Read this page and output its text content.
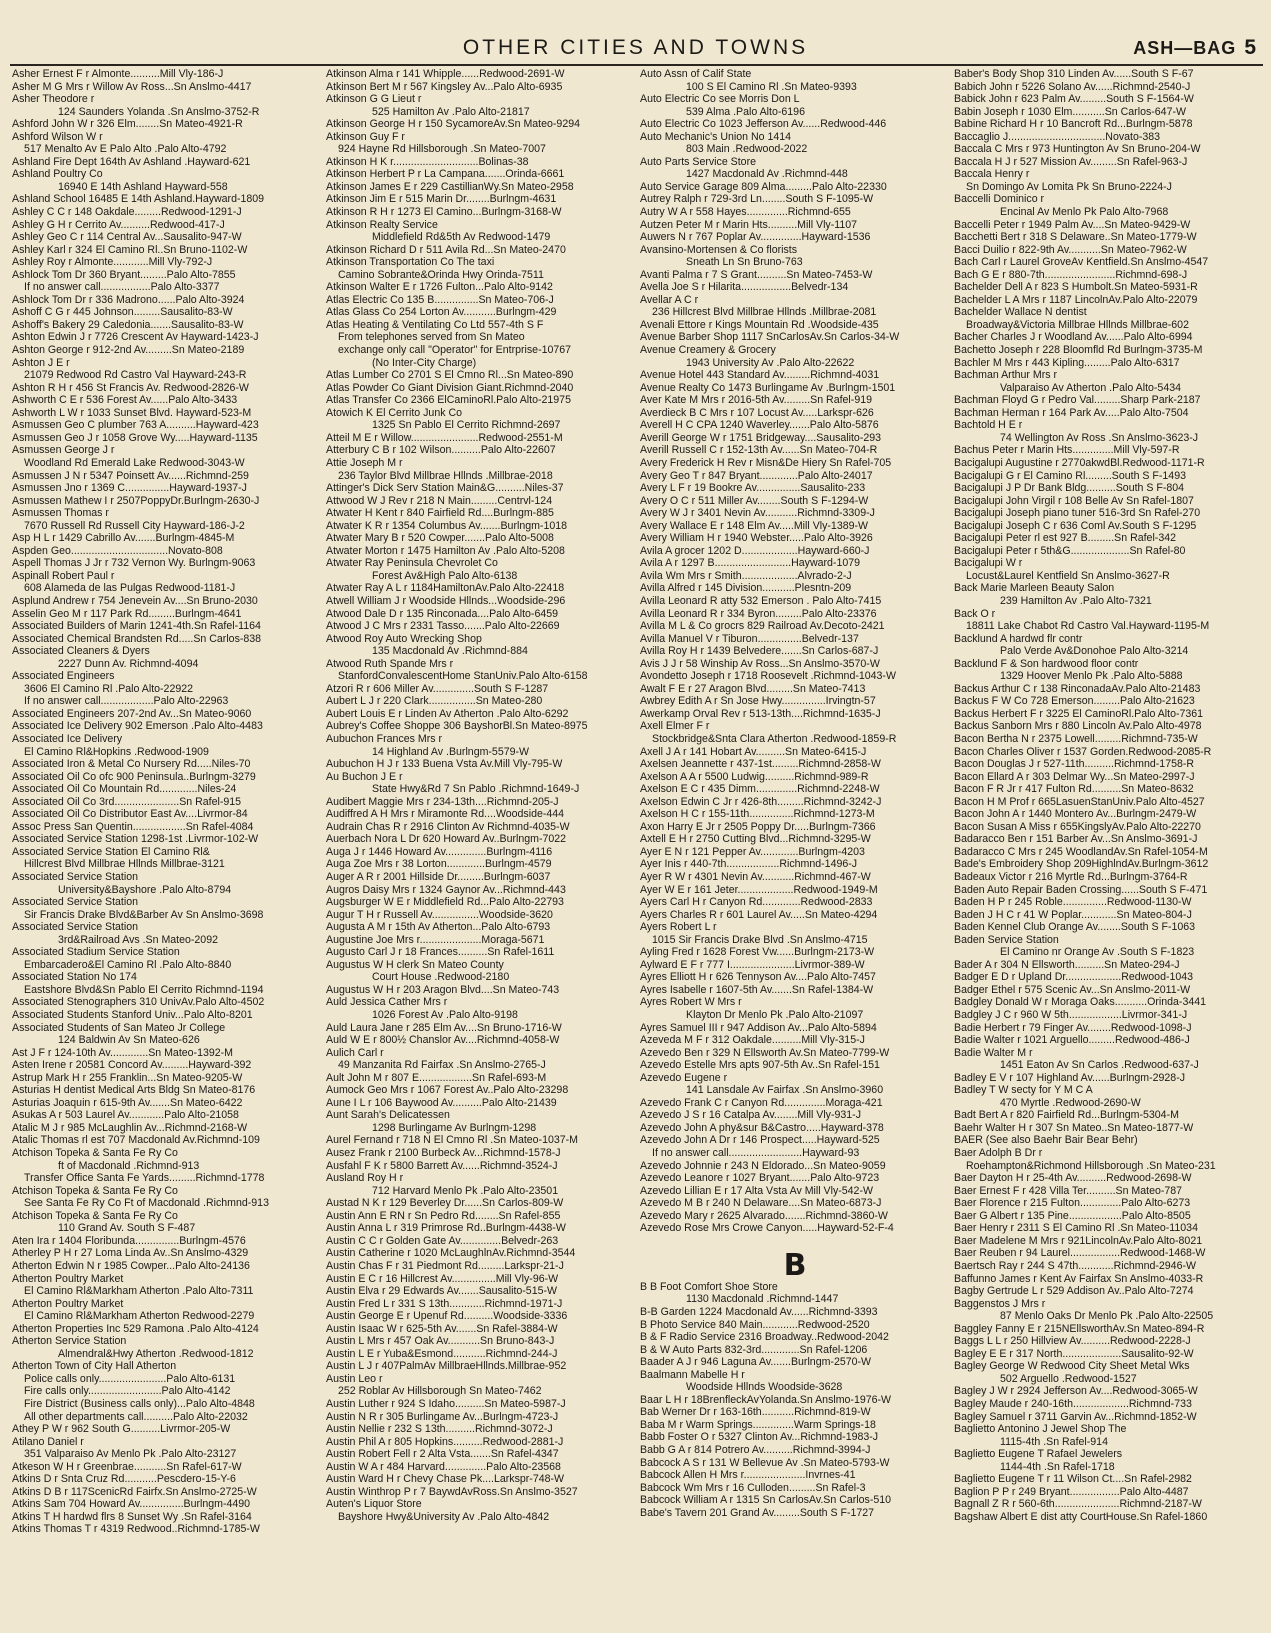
OTHER CITIES AND TOWNS	ASH—BAG 5
Asher Ernest F r Almonte..........Mill Vly-186-J
Asher M G Mrs r Willow Av Ross...Sn Anslmo-4417
Asher Theodore r
124 Saunders Yolanda .Sn Anslmo-3752-R
Ashford John W r 326 Elm........Sn Mateo-4921-R
Ashford Wilson W r
517 Menalto Av E Palo Alto .Palo Alto-4792
Ashland Fire Dept 164th Av Ashland .Hayward-621
Ashland Poultry Co
16940 E 14th Ashland Hayward-558
Ashland School 16485 E 14th Ashland.Hayward-1809
Ashley C C r 148 Oakdale.........Redwood-1291-J
Ashley G H r Cerrito Av..........Redwood-417-J
Ashley Geo C r 114 Central Av...Sausalito-947-W
Ashley Karl r 324 El Camino Rl..Sn Bruno-1102-W
Ashley Roy r Almonte............Mill Vly-792-J
Ashlock Tom Dr 360 Bryant.........Palo Alto-7855
If no answer call.................Palo Alto-3377
Ashlock Tom Dr r 336 Madrono......Palo Alto-3924
Ashoff C G r 445 Johnson.........Sausalito-83-W
Ashoff's Bakery 29 Caledonia.......Sausalito-83-W
Ashton Edwin J r 7726 Crescent Av Hayward-1423-J
Ashton George r 912-2nd Av.........Sn Mateo-2189
Ashton J E r
21079 Redwood Rd Castro Val Hayward-243-R
Ashton R H r 456 St Francis Av. Redwood-2826-W
Ashworth C E r 536 Forest Av......Palo Alto-3433
Ashworth L W r 1033 Sunset Blvd. Hayward-523-M
Asmussen Geo C plumber 763 A..........Hayward-423
Asmussen Geo J r 1058 Grove Wy.....Hayward-1135
Asmussen George J r
Woodland Rd Emerald Lake Redwood-3043-W
Asmussen J N r 5347 Poinsett Av......Richmnd-259
Asmussen Jno r 1369 C...............Hayward-1937-J
Asmussen Mathew I r 2507PoppyDr.Burlngm-2630-J
Asmussen Thomas r
7670 Russell Rd Russell City Hayward-186-J-2
Asp H L r 1429 Cabrillo Av.......Burlngm-4845-M
Aspden Geo.................................Novato-808
Aspell Thomas J Jr r 732 Vernon Wy. Burlngm-9063
Aspinall Robert Paul r
608 Alameda de las Pulgas Redwood-1181-J
Asplund Andrew r 754 Jenevein Av....Sn Bruno-2030
Asselin Geo M r 117 Park Rd.........Burlngm-4641
Associated Builders of Marin 1241-4th.Sn Rafel-1164
Associated Chemical Brandsten Rd.....Sn Carlos-838
Associated Cleaners & Dyers
2227 Dunn Av. Richmnd-4094
Associated Engineers
3606 El Camino Rl .Palo Alto-22922
If no answer call..................Palo Alto-22963
Associated Engineers 207-2nd Av...Sn Mateo-9060
Associated Ice Delivery 902 Emerson .Palo Alto-4483
Associated Ice Delivery
El Camino Rl&Hopkins .Redwood-1909
Associated Iron & Metal Co Nursery Rd.....Niles-70
Associated Oil Co ofc 900 Peninsula..Burlngm-3279
Associated Oil Co Mountain Rd.............Niles-24
Associated Oil Co 3rd......................Sn Rafel-915
Associated Oil Co Distributor East Av....Livrmor-84
Assoc Press San Quentin..................Sn Rafel-4084
Associated Service Station 1298-1st .Livrmor-102-W
Associated Service Station El Camino Rl&
Hillcrest Blvd Millbrae Hllnds Millbrae-3121
Associated Service Station
University&Bayshore .Palo Alto-8794
Associated Service Station
Sir Francis Drake Blvd&Barber Av Sn Anslmo-3698
Associated Service Station
3rd&Railroad Avs .Sn Mateo-2092
Associated Stadium Service Station
Embarcadero&El Camino Rl .Palo Alto-8840
Associated Station No 174
Eastshore Blvd&Sn Pablo El Cerrito Richmnd-1194
Associated Stenographers 310 UnivAv.Palo Alto-4502
Associated Students Stanford Univ...Palo Alto-8201
Associated Students of San Mateo Jr College
124 Baldwin Av Sn Mateo-626
Ast J F r 124-10th Av.............Sn Mateo-1392-M
Asten Irene r 20581 Concord Av.........Hayward-392
Astrup Mark H r 255 Franklin...Sn Mateo-9205-W
Asturias H dentist Medical Arts Bldg Sn Mateo-8176
Asturias Joaquin r 615-9th Av.......Sn Mateo-6422
Asukas A r 503 Laurel Av............Palo Alto-21058
Atalic M J r 985 McLaughlin Av...Richmnd-2168-W
Atalic Thomas rl est 707 Macdonald Av.Richmnd-109
Atchison Topeka & Santa Fe Ry Co
ft of Macdonald .Richmnd-913
Transfer Office Santa Fe Yards.........Richmnd-1778
Atchison Topeka & Santa Fe Ry Co
See Santa Fe Ry Co Ft of Macdonald .Richmnd-913
Atchison Topeka & Santa Fe Ry Co
110 Grand Av. South S F-487
Aten Ira r 1404 Floribunda...............Burlngm-4576
Atherley P H r 27 Loma Linda Av..Sn Anslmo-4329
Atherton Edwin N r 1985 Cowper...Palo Alto-24136
Atherton Poultry Market
El Camino Rl&Markham Atherton .Palo Alto-7311
Atherton Poultry Market
El Camino Rl&Markham Atherton Redwood-2279
Atherton Properties Inc 529 Ramona .Palo Alto-4124
Atherton Service Station
Almendral&Hwy Atherton .Redwood-1812
Atherton Town of City Hall Atherton
Police calls only.......................Palo Alto-6131
Fire calls only.........................Palo Alto-4142
Fire District (Business calls only)...Palo Alto-4848
All other departments call..........Palo Alto-22032
Athey P W r 962 South G..........Livrmor-205-W
Atilano Daniel r
351 Valparaiso Av Menlo Pk .Palo Alto-23127
Atkeson W H r Greenbrae...........Sn Rafel-617-W
Atkins D r Snta Cruz Rd...........Pescdero-15-Y-6
Atkins D B r 117ScenicRd Fairfx.Sn Anslmo-2725-W
Atkins Sam 704 Howard Av...............Burlngm-4490
Atkins T H hardwd flrs 8 Sunset Wy .Sn Rafel-3164
Atkins Thomas T r 4319 Redwood..Richmnd-1785-W
Atkinson Alma r 141 Whipple......Redwood-2691-W
Atkinson Bert M r 567 Kingsley Av...Palo Alto-6935
Atkinson G G Lieut r
525 Hamilton Av .Palo Alto-21817
Atkinson George H r 150 SycamoreAv.Sn Mateo-9294
Atkinson Guy F r
924 Hayne Rd Hillsborough .Sn Mateo-7007
Atkinson H K r.............................Bolinas-38
Atkinson Herbert P r La Campana.......Orinda-6661
Atkinson James E r 229 CastillianWy.Sn Mateo-2958
Atkinson Jim E r 515 Marin Dr........Burlngm-4631
Atkinson R H r 1273 El Camino...Burlngm-3168-W
Atkinson Realty Service
Middlefield Rd&5th Av Redwood-1479
Atkinson Richard D r 511 Avila Rd...Sn Mateo-2470
Atkinson Transportation Co The taxi
Camino Sobrante&Orinda Hwy Orinda-7511
Atkinson Walter E r 1726 Fulton...Palo Alto-9142
Atlas Electric Co 135 B...............Sn Mateo-706-J
Atlas Glass Co 254 Lorton Av...........Burlngm-429
Atlas Heating & Ventilating Co Ltd 557-4th S F
From telephones served from Sn Mateo
exchange only call "Operator" for Entrprise-10767
(No Inter-City Charge)
Atlas Lumber Co 2701 S El Cmno Rl...Sn Mateo-890
Atlas Powder Co Giant Division Giant.Richmnd-2040
Atlas Transfer Co 2366 ElCaminoRl.Palo Alto-21975
Atowich K El Cerrito Junk Co
1325 Sn Pablo El Cerrito Richmnd-2697
Atteil M E r Willow.......................Redwood-2551-M
Atterbury C B r 102 Wilson..........Palo Alto-22607
Attie Joseph M r
236 Taylor Blvd Millbrae Hllnds .Millbrae-2018
Attinger's Dick Serv Station Main&G..........Niles-37
Attwood W J Rev r 218 N Main.........Centrvl-124
Atwater H Kent r 840 Fairfield Rd....Burlngm-885
Atwater K R r 1354 Columbus Av.......Burlngm-1018
Atwater Mary B r 520 Cowper.......Palo Alto-5008
Atwater Morton r 1475 Hamilton Av .Palo Alto-5208
Atwater Ray Peninsula Chevrolet Co
Forest Av&High Palo Alto-6138
Atwater Ray A L r 1184HamiltonAv.Palo Alto-22418
Atwell William J r Woodside Hllnds...Woodside-296
Atwood Dale D r 135 Rinconada....Palo Alto-6459
Atwood J C Mrs r 2331 Tasso.......Palo Alto-22669
Atwood Roy Auto Wrecking Shop
135 Macdonald Av .Richmnd-884
Atwood Ruth Spande Mrs r
StanfordConvalescentHome StanUniv.Palo Alto-6158
Atzori R r 606 Miller Av..............South S F-1287
Aubert L J r 220 Clark................Sn Mateo-280
Aubert Louis E r Linden Av Atherton .Palo Alto-6292
Aubrey's Coffee Shoppe 306 BayshorBl.Sn Mateo-8975
Aubuchon Frances Mrs r
14 Highland Av .Burlngm-5579-W
Aubuchon H J r 133 Buena Vsta Av.Mill Vly-795-W
Au Buchon J E r
State Hwy&Rd 7 Sn Pablo .Richmnd-1649-J
Audibert Maggie Mrs r 234-13th....Richmnd-205-J
Audiffred A H Mrs r Miramonte Rd....Woodside-444
Audrain Chas R r 2916 Clinton Av Richmnd-4035-W
Auerbach Nora L Dr 620 Howard Av..Burlngm-7022
Auga J r 1446 Howard Av..............Burlngm-4116
Auga Zoe Mrs r 38 Lorton.............Burlngm-4579
Auger A R r 2001 Hillside Dr.........Burlngm-6037
Augros Daisy Mrs r 1324 Gaynor Av...Richmnd-443
Augsburger W E r Middlefield Rd...Palo Alto-22793
Augur T H r Russell Av................Woodside-3620
Augusta A M r 15th Av Atherton...Palo Alto-6793
Augustine Joe Mrs r.....................Moraga-5671
Augusto Carl J r 18 Frances..........Sn Rafel-1611
Augustus W H clerk Sn Mateo County
Court House .Redwood-2180
Augustus W H r 203 Aragon Blvd....Sn Mateo-743
Auld Jessica Cather Mrs r
1026 Forest Av .Palo Alto-9198
Auld Laura Jane r 285 Elm Av....Sn Bruno-1716-W
Auld W E r 800½ Chanslor Av....Richmnd-4058-W
Aulich Carl r
49 Manzanita Rd Fairfax .Sn Anslmo-2765-J
Ault John M r 807 E..................Sn Rafel-693-M
Aumock Geo Mrs r 1067 Forest Av..Palo Alto-23298
Aune I L r 106 Baywood Av..........Palo Alto-21439
Aunt Sarah's Delicatessen
1298 Burlingame Av Burlngm-1298
Aurel Fernand r 718 N El Cmno Rl .Sn Mateo-1037-M
Ausez Frank r 2100 Burbeck Av...Richmnd-1578-J
Ausfahl F K r 5800 Barrett Av......Richmnd-3524-J
Ausland Roy H r
712 Harvard Menlo Pk .Palo Alto-23501
Austad N K r 129 Beverley Dr......Sn Carlos-809-W
Austin Ann E RN r Sn Pedro Rd........Sn Rafel-855
Austin Anna L r 319 Primrose Rd..Burlngm-4438-W
Austin C C r Golden Gate Av..............Belvedr-263
Austin Catherine r 1020 McLaughlnAv.Richmnd-3544
Austin Chas F r 31 Piedmont Rd.........Larkspr-21-J
Austin E C r 16 Hillcrest Av...............Mill Vly-96-W
Austin Elva r 29 Edwards Av.......Sausalito-515-W
Austin Fred L r 331 S 13th............Richmnd-1971-J
Austin George E r Upenuf Rd..........Woodside-3336
Austin Isaac W r 625-5th Av.......Sn Rafel-3884-W
Austin L Mrs r 457 Oak Av...........Sn Bruno-843-J
Austin L E r Yuba&Esmond...........Richmnd-244-J
Austin L J r 407PalmAv MillbraeHllnds.Millbrae-952
Austin Leo r
252 Roblar Av Hillsborough Sn Mateo-7462
Austin Luther r 924 S Idaho..........Sn Mateo-5987-J
Austin N R r 305 Burlingame Av...Burlngm-4723-J
Austin Nellie r 232 S 13th..........Richmnd-3072-J
Austin Phil A r 805 Hopkins..........Redwood-2881-J
Austin Robert Fell r 2 Alta Vsta.......Sn Rafel-4347
Austin W A r 484 Harvard..............Palo Alto-23568
Austin Ward H r Chevy Chase Pk....Larkspr-748-W
Austin Winthrop P r 7 BaywdAvRoss.Sn Anslmo-3527
Auten's Liquor Store
Bayshore Hwy&University Av .Palo Alto-4842
Auto Assn of Calif State
100 S El Camino Rl .Sn Mateo-9393
Auto Electric Co see Morris Don L
539 Alma .Palo Alto-6196
Auto Electric Co 1023 Jefferson Av......Redwood-446
Auto Mechanic's Union No 1414
803 Main .Redwood-2022
Auto Parts Service Store
1427 Macdonald Av .Richmnd-448
Auto Service Garage 809 Alma.........Palo Alto-22330
Autrey Ralph r 729-3rd Ln........South S F-1095-W
Autry W A r 558 Hayes..............Richmnd-655
Autzen Peter M r Marin Hts..........Mill Vly-1107
Auwers N r 767 Poplar Av..............Hayward-1536
Avansino-Mortensen & Co florists
Sneath Ln Sn Bruno-763
Avanti Palma r 7 S Grant..........Sn Mateo-7453-W
Avella Joe S r Hilarita.................Belvedr-134
Avellar A C r
236 Hillcrest Blvd Millbrae Hllnds .Millbrae-2081
Avenali Ettore r Kings Mountain Rd .Woodside-435
Avenue Barber Shop 1117 SnCarlosAv.Sn Carlos-34-W
Avenue Creamery & Grocery
1943 University Av .Palo Alto-22622
Avenue Hotel 443 Standard Av.........Richmnd-4031
Avenue Realty Co 1473 Burlingame Av .Burlngm-1501
Aver Kate M Mrs r 2016-5th Av.........Sn Rafel-919
Averdieck B C Mrs r 107 Locust Av.....Larkspr-626
Averell H C CPA 1240 Waverley.......Palo Alto-5876
Averill George W r 1751 Bridgeway....Sausalito-293
Averill Russell C r 152-13th Av......Sn Mateo-704-R
Avery Frederick H Rev r Misn&De Hiery Sn Rafel-705
Avery Geo T r 847 Bryant.............Palo Alto-24017
Avery L F r 19 Bookre Av...............Sausalito-233
Avery O C r 511 Miller Av........South S F-1294-W
Avery W J r 3401 Nevin Av...........Richmnd-3309-J
Avery Wallace E r 148 Elm Av.....Mill Vly-1389-W
Avery William H r 1940 Webster.....Palo Alto-3926
Avila A grocer 1202 D...................Hayward-660-J
Avila A r 1297 B..........................Hayward-1079
Avila Wm Mrs r Smith...................Alvrado-2-J
Avilla Alfred r 145 Division...........Plesntn-209
Avilla Leonard R atty 532 Emerson . Palo Alto-7415
Avilla Leonard R r 334 Byron.........Palo Alto-23376
Avilla M L & Co grocrs 829 Railroad Av.Decoto-2421
Avilla Manuel V r Tiburon...............Belvedr-137
Avilla Roy H r 1439 Belvedere.......Sn Carlos-687-J
Avis J J r 58 Winship Av Ross...Sn Anslmo-3570-W
Avondetto Joseph r 1718 Roosevelt .Richmnd-1043-W
Awalt F E r 27 Aragon Blvd.........Sn Mateo-7413
Awbrey Edith A r Sn Jose Hwy...............Irvingtn-57
Awerkamp Orval Rev r 513-13th....Richmnd-1635-J
Axell Elmer F r
Stockbridge&Snta Clara Atherton .Redwood-1859-R
Axell J A r 141 Hobart Av..........Sn Mateo-6415-J
Axelsen Jeannette r 437-1st.........Richmnd-2858-W
Axelson A A r 5500 Ludwig..........Richmnd-989-R
Axelson E C r 435 Dimm..............Richmnd-2248-W
Axelson Edwin C Jr r 426-8th.........Richmnd-3242-J
Axelson H C r 155-11th...............Richmnd-1273-M
Axon Harry E Jr r 2505 Poppy Dr.....Burlngm-7366
Axtell E H r 2750 Cutting Blvd...Richmnd-3295-W
Ayer E N r 121 Pepper Av.............Burlngm-4203
Ayer Inis r 440-7th..................Richmnd-1496-J
Ayer R W r 4301 Nevin Av...........Richmnd-467-W
Ayer W E r 161 Jeter...................Redwood-1949-M
Ayers Carl H r Canyon Rd.............Redwood-2833
Ayers Charles R r 601 Laurel Av.....Sn Mateo-4294
Ayers Robert L r
1015 Sir Francis Drake Blvd .Sn Anslmo-4715
Ayling Fred r 1628 Forest Vw......Burlngm-2173-W
Aylward E F r 777 I......................Livrmor-389-W
Ayres Elliott H r 626 Tennyson Av....Palo Alto-7457
Ayres Isabelle r 1607-5th Av.......Sn Rafel-1384-W
Ayres Robert W Mrs r
Klayton Dr Menlo Pk .Palo Alto-21097
Ayres Samuel III r 947 Addison Av...Palo Alto-5894
Azeveda M F r 312 Oakdale..........Mill Vly-315-J
Azevedo Ben r 329 N Ellsworth Av.Sn Mateo-7799-W
Azevedo Estelle Mrs apts 907-5th Av..Sn Rafel-151
Azevedo Eugene r
141 Lansdale Av Fairfax .Sn Anslmo-3960
Azevedo Frank C r Canyon Rd..............Moraga-421
Azevedo J S r 16 Catalpa Av........Mill Vly-931-J
Azevedo John A phy&sur B&Castro.....Hayward-378
Azevedo John A Dr r 146 Prospect.....Hayward-525
If no answer call.........................Hayward-93
Azevedo Johnnie r 243 N Eldorado...Sn Mateo-9059
Azevedo Leanore r 1027 Bryant.......Palo Alto-9723
Azevedo Lillian E r 17 Alta Vsta Av Mill Vly-542-W
Azevedo M B r 240 N Delaware....Sn Mateo-6873-J
Azevedo Mary r 2625 Alvarado.......Richmnd-3860-W
Azevedo Rose Mrs Crowe Canyon.....Hayward-52-F-4
B
B B Foot Comfort Shoe Store
1130 Macdonald .Richmnd-1447
B-B Garden 1224 Macdonald Av......Richmnd-3393
B Photo Service 840 Main............Redwood-2520
B & F Radio Service 2316 Broadway..Redwood-2042
B & W Auto Parts 832-3rd.............Sn Rafel-1206
Baader A J r 946 Laguna Av.......Burlngm-2570-W
Baalmann Mabelle H r
Woodside Hllnds Woodside-3628
Baar L H r 18BrenfleckAvYolanda.Sn Anslmo-1976-W
Bab Werner Dr r 163-16th...........Richmnd-819-W
Baba M r Warm Springs..............Warm Springs-18
Babb Foster O r 5327 Clinton Av...Richmnd-1983-J
Babb G A r 814 Potrero Av..........Richmnd-3994-J
Babcock A S r 131 W Bellevue Av .Sn Mateo-5793-W
Babcock Allen H Mrs r.....................Invrnes-41
Babcock Wm Mrs r 16 Culloden.........Sn Rafel-3
Babcock William A r 1315 Sn CarlosAv.Sn Carlos-510
Babe's Tavern 201 Grand Av.........South S F-1727
Baber's Body Shop 310 Linden Av......South S F-67
Babich John r 5226 Solano Av......Richmnd-2540-J
Babick John r 623 Palm Av.........South S F-1564-W
Babin Joseph r 1030 Elm...........Sn Carlos-647-W
Babine Richard H r 10 Bancroft Rd...Burlngm-5878
Baccaglio J.................................Novato-383
Baccala C Mrs r 973 Huntington Av Sn Bruno-204-W
Baccala H J r 527 Mission Av.........Sn Rafel-963-J
Baccala Henry r
Sn Domingo Av Lomita Pk Sn Bruno-2224-J
Baccelli Dominico r
Encinal Av Menlo Pk Palo Alto-7968
Baccelli Peter r 1949 Palm Av....Sn Mateo-9429-W
Bacchetti Bert r 318 S Delaware..Sn Mateo-1779-W
Bacci Duilio r 822-9th Av...........Sn Mateo-7962-W
Bach Carl r Laurel GroveAv Kentfield.Sn Anslmo-4547
Bach G E r 880-7th........................Richmnd-698-J
Bachelder Dell A r 823 S Humbolt.Sn Mateo-5931-R
Bachelder L A Mrs r 1187 LincolnAv.Palo Alto-22079
Bachelder Wallace N dentist
Broadway&Victoria Millbrae Hllnds Millbrae-602
Bacher Charles J r Woodland Av......Palo Alto-6994
Bachetto Joseph r 228 Bloomfld Rd Burlngm-3735-M
Bachler M Mrs r 443 Kipling.........Palo Alto-6317
Bachman Arthur Mrs r
Valparaiso Av Atherton .Palo Alto-5434
Bachman Floyd G r Pedro Val.........Sharp Park-2187
Bachman Herman r 164 Park Av.....Palo Alto-7504
Bachtold H E r
74 Wellington Av Ross .Sn Anslmo-3623-J
Bachus Peter r Marin Hts..............Mill Vly-597-R
Bacigalupi Augustine r 2770akwdBl.Redwood-1171-R
Bacigalupi G r El Camino Rl.........South S F-1493
Bacigalupi J P Dr Bank Bldg..........South S F-804
Bacigalupi John Virgil r 108 Belle Av Sn Rafel-1807
Bacigalupi Joseph piano tuner 516-3rd Sn Rafel-270
Bacigalupi Joseph C r 636 Coml Av.South S F-1295
Bacigalupi Peter rl est 927 B.........Sn Rafel-342
Bacigalupi Peter r 5th&G....................Sn Rafel-80
Bacigalupi W r
Locust&Laurel Kentfield Sn Anslmo-3627-R
Back Marie Marleen Beauty Salon
239 Hamilton Av .Palo Alto-7321
Back O r
18811 Lake Chabot Rd Castro Val.Hayward-1195-M
Backlund A hardwd flr contr
Palo Verde Av&Donohoe Palo Alto-3214
Backlund F & Son hardwood floor contr
1329 Hoover Menlo Pk .Palo Alto-5888
Backus Arthur C r 138 RinconadaAv.Palo Alto-21483
Backus F W Co 728 Emerson.........Palo Alto-21623
Backus Herbert F r 3225 El CaminoRl.Palo Alto-7361
Backus Sanborn Mrs r 880 Lincoln Av.Palo Alto-4978
Bacon Bertha N r 2375 Lowell.........Richmnd-735-W
Bacon Charles Oliver r 1537 Gorden.Redwood-2085-R
Bacon Douglas J r 527-11th..........Richmnd-1758-R
Bacon Ellard A r 303 Delmar Wy...Sn Mateo-2997-J
Bacon F R Jr r 417 Fulton Rd..........Sn Mateo-8632
Bacon H M Prof r 665LasuenStanUniv.Palo Alto-4527
Bacon John A r 1440 Montero Av...Burlngm-2479-W
Bacon Susan A Miss r 655KingslyAv.Palo Alto-22270
Badaracco Ben r 151 Barber Av...Sn Anslmo-3691-J
Badaracco C Mrs r 245 WoodlandAv.Sn Rafel-1054-M
Bade's Embroidery Shop 209HighlndAv.Burlngm-3612
Badeaux Victor r 216 Myrtle Rd...Burlngm-3764-R
Baden Auto Repair Baden Crossing......South S F-471
Baden H P r 245 Roble...............Redwood-1130-W
Baden J H C r 41 W Poplar............Sn Mateo-804-J
Baden Kennel Club Orange Av........South S F-1063
Baden Service Station
El Camino nr Orange Av .South S F-1823
Bader A r 304 N Ellsworth..........Sn Mateo-294-J
Badger E D r Upland Dr...................Redwood-1043
Badger Ethel r 575 Scenic Av...Sn Anslmo-2011-W
Badgley Donald W r Moraga Oaks...........Orinda-3441
Badgley J C r 960 W 5th..................Livrmor-341-J
Badie Herbert r 79 Finger Av........Redwood-1098-J
Badie Walter r 1021 Arguello.........Redwood-486-J
Badie Walter M r
1451 Eaton Av Sn Carlos .Redwood-637-J
Badley E V r 107 Highland Av......Burlngm-2928-J
Badley T W secty for Y M C A
470 Myrtle .Redwood-2690-W
Badt Bert A r 820 Fairfield Rd...Burlngm-5304-M
Baehr Walter H r 307 Sn Mateo..Sn Mateo-1877-W
BAER (See also Baehr Bair Bear Behr)
Baer Adolph B Dr r
Roehampton&Richmond Hillsborough .Sn Mateo-231
Baer Dayton H r 25-4th Av..........Redwood-2698-W
Baer Ernest F r 428 Villa Ter..........Sn Mateo-787
Baer Florence r 215 Fulton..............Palo Alto-6273
Baer G Albert r 135 Pine..................Palo Alto-8505
Baer Henry r 2311 S El Camino Rl .Sn Mateo-11034
Baer Madelene M Mrs r 921LincolnAv.Palo Alto-8021
Baer Reuben r 94 Laurel.................Redwood-1468-W
Baertsch Ray r 244 S 47th............Richmnd-2946-W
Baffunno James r Kent Av Fairfax Sn Anslmo-4033-R
Bagby Gertrude L r 529 Addison Av..Palo Alto-7274
Baggenstos J Mrs r
87 Menlo Oaks Dr Menlo Pk .Palo Alto-22505
Baggley Fanny E r 215NEllsworthAv.Sn Mateo-894-R
Baggs L L r 250 Hillview Av..........Redwood-2228-J
Bagley E E r 317 North....................Sausalito-92-W
Bagley George W Redwood City Sheet Metal Wks
502 Arguello .Redwood-1527
Bagley J W r 2924 Jefferson Av....Redwood-3065-W
Bagley Maude r 240-16th...................Richmnd-733
Bagley Samuel r 3711 Garvin Av...Richmnd-1852-W
Baglietto Antonino J Jewel Shop The
1115-4th .Sn Rafel-914
Baglietto Eugene T Rafael Jewelers
1144-4th .Sn Rafel-1718
Baglietto Eugene T r 11 Wilson Ct....Sn Rafel-2982
Baglion P P r 249 Bryant.................Palo Alto-4487
Bagnall Z R r 560-6th......................Richmnd-2187-W
Bagshaw Albert E dist atty CourtHouse.Sn Rafel-1860
